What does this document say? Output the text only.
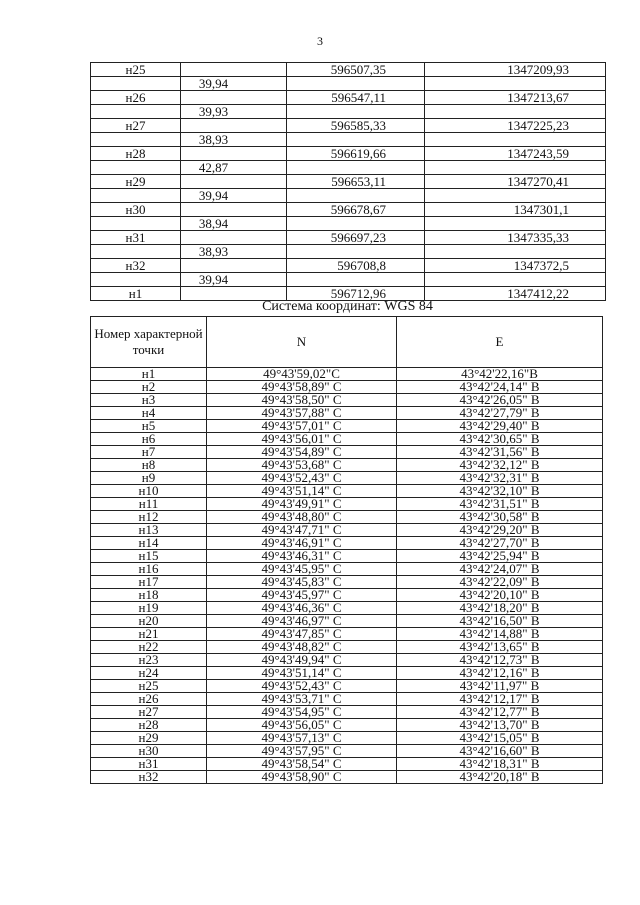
3
н25		596507,35	1347209,93
	39,94		
н26		596547,11	1347213,67
	39,93		
н27		596585,33	1347225,23
	38,93		
н28		596619,66	1347243,59
	42,87		
н29		596653,11	1347270,41
	39,94		
н30		596678,67	1347301,1
	38,94		
н31		596697,23	1347335,33
	38,93		
н32		596708,8	1347372,5
	39,94		
н1		596712,96	1347412,22
Система координат: WGS 84
Номер характерной точки	N	E
н1	49°43'59,02"С	43°42'22,16"В
н2	49°43'58,89" С	43°42'24,14" В
н3	49°43'58,50" С	43°42'26,05" В
н4	49°43'57,88" С	43°42'27,79" В
н5	49°43'57,01" С	43°42'29,40" В
н6	49°43'56,01" С	43°42'30,65" В
н7	49°43'54,89" С	43°42'31,56" В
н8	49°43'53,68" С	43°42'32,12" В
н9	49°43'52,43" С	43°42'32,31" В
н10	49°43'51,14" С	43°42'32,10" В
н11	49°43'49,91" С	43°42'31,51" В
н12	49°43'48,80" С	43°42'30,58" В
н13	49°43'47,71" С	43°42'29,20" В
н14	49°43'46,91" С	43°42'27,70" В
н15	49°43'46,31" С	43°42'25,94" В
н16	49°43'45,95" С	43°42'24,07" В
н17	49°43'45,83" С	43°42'22,09" В
н18	49°43'45,97" С	43°42'20,10" В
н19	49°43'46,36" С	43°42'18,20" В
н20	49°43'46,97" С	43°42'16,50" В
н21	49°43'47,85" С	43°42'14,88" В
н22	49°43'48,82" С	43°42'13,65" В
н23	49°43'49,94" С	43°42'12,73" В
н24	49°43'51,14" С	43°42'12,16" В
н25	49°43'52,43" С	43°42'11,97" В
н26	49°43'53,71" С	43°42'12,17" В
н27	49°43'54,95" С	43°42'12,77" В
н28	49°43'56,05" С	43°42'13,70" В
н29	49°43'57,13" С	43°42'15,05" В
н30	49°43'57,95" С	43°42'16,60" В
н31	49°43'58,54" С	43°42'18,31" В
н32	49°43'58,90" С	43°42'20,18" В
